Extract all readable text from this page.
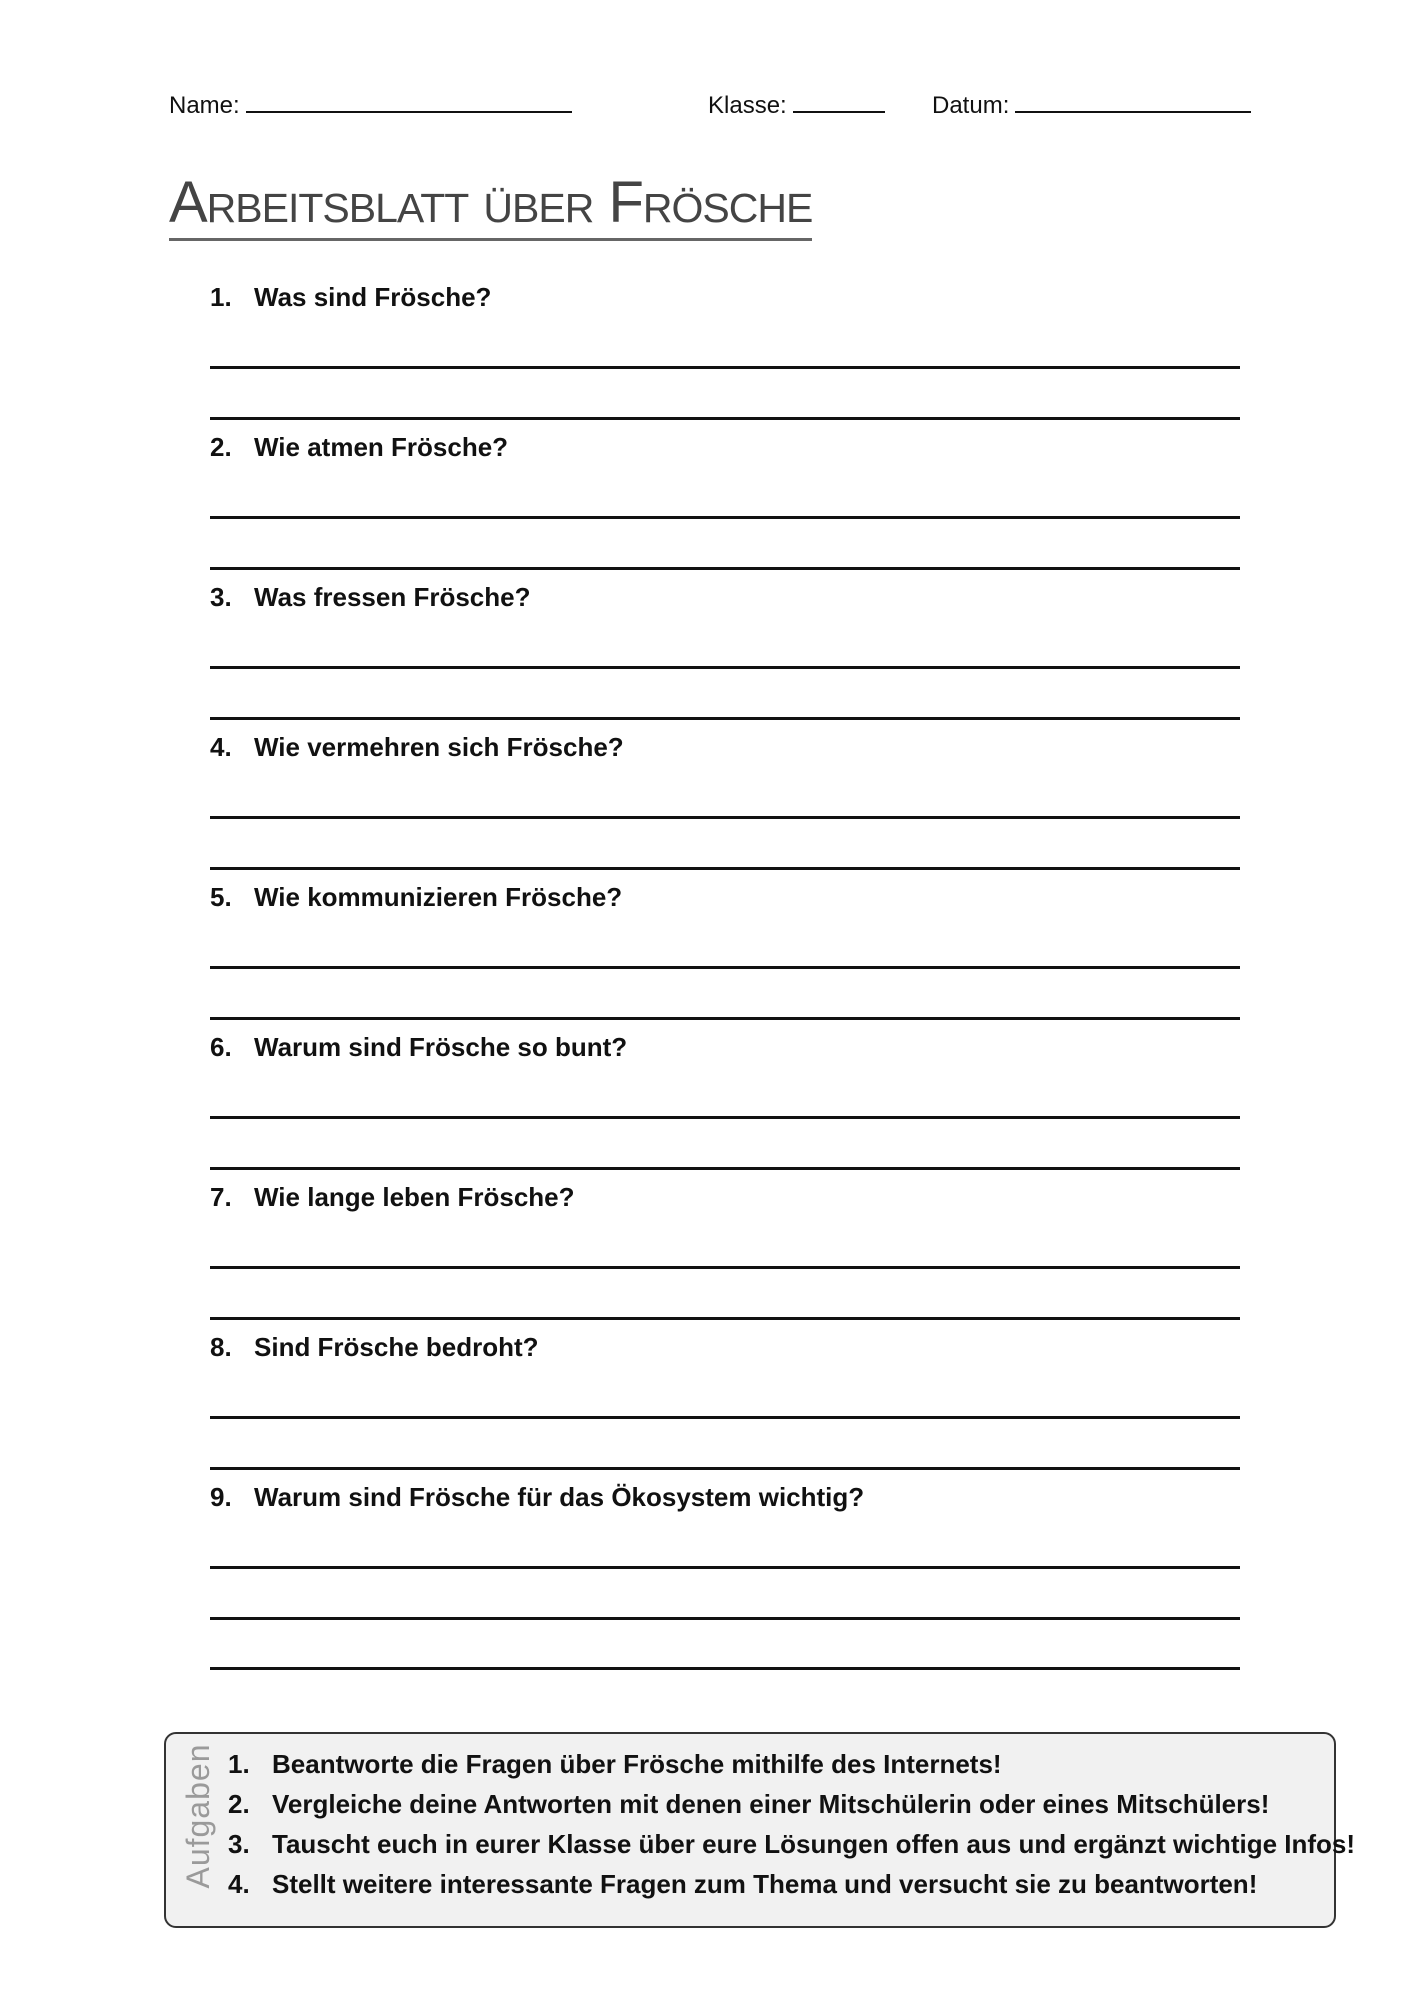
Name:	Klasse:	Datum:
Arbeitsblatt über Frösche
1. Was sind Frösche?
2. Wie atmen Frösche?
3. Was fressen Frösche?
4. Wie vermehren sich Frösche?
5. Wie kommunizieren Frösche?
6. Warum sind Frösche so bunt?
7. Wie lange leben Frösche?
8. Sind Frösche bedroht?
9. Warum sind Frösche für das Ökosystem wichtig?
Aufgaben 1. Beantworte die Fragen über Frösche mithilfe des Internets!
2. Vergleiche deine Antworten mit denen einer Mitschülerin oder eines Mitschülers!
3. Tauscht euch in eurer Klasse über eure Lösungen offen aus und ergänzt wichtige Infos!
4. Stellt weitere interessante Fragen zum Thema und versucht sie zu beantworten!
